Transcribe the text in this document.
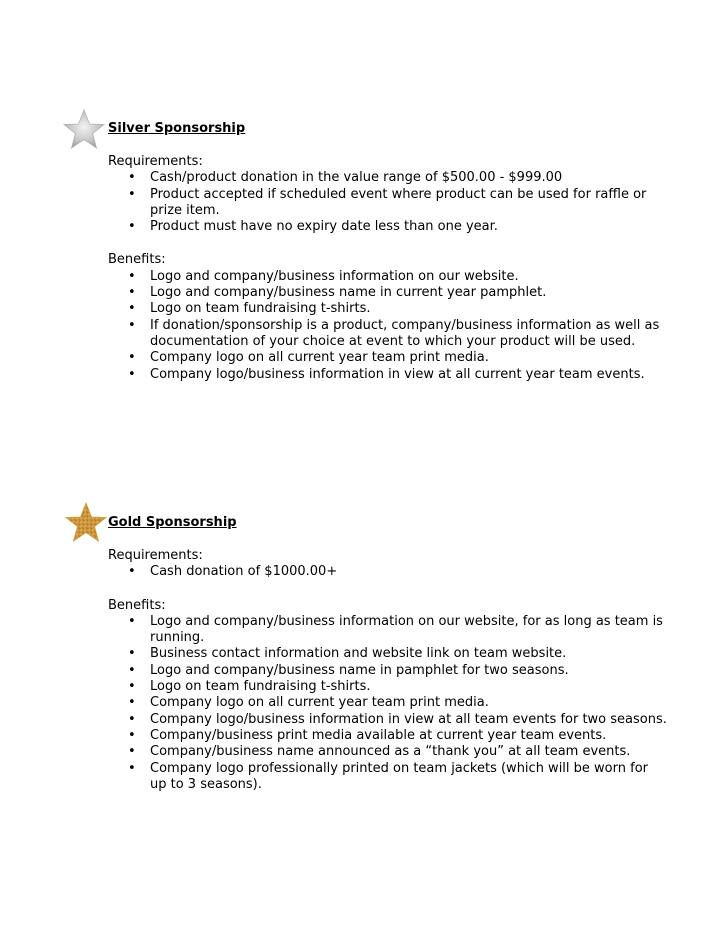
Silver Sponsorship

Requirements:

• Cash/product donation in the value range of $500.00 - $999.00
• Product accepted if scheduled event where product can be used for raffle or prize item.
• Product must have no expiry date less than one year.

Benefits:

• Logo and company/business information on our website.
• Logo and company/business name in current year pamphlet.
• Logo on team fundraising t-shirts.
• If donation/sponsorship is a product, company/business information as well as documentation of your choice at event to which your product will be used.
• Company logo on all current year team print media.
• Company logo/business information in view at all current year team events.

Gold Sponsorship

Requirements:

• Cash donation of $1000.00+

Benefits:

• Logo and company/business information on our website, for as long as team is running.
• Business contact information and website link on team website.
• Logo and company/business name in pamphlet for two seasons.
• Logo on team fundraising t-shirts.
• Company logo on all current year team print media.
• Company logo/business information in view at all team events for two seasons.
• Company/business print media available at current year team events.
• Company/business name announced as a “thank you” at all team events.
• Company logo professionally printed on team jackets (which will be worn for up to 3 seasons).
